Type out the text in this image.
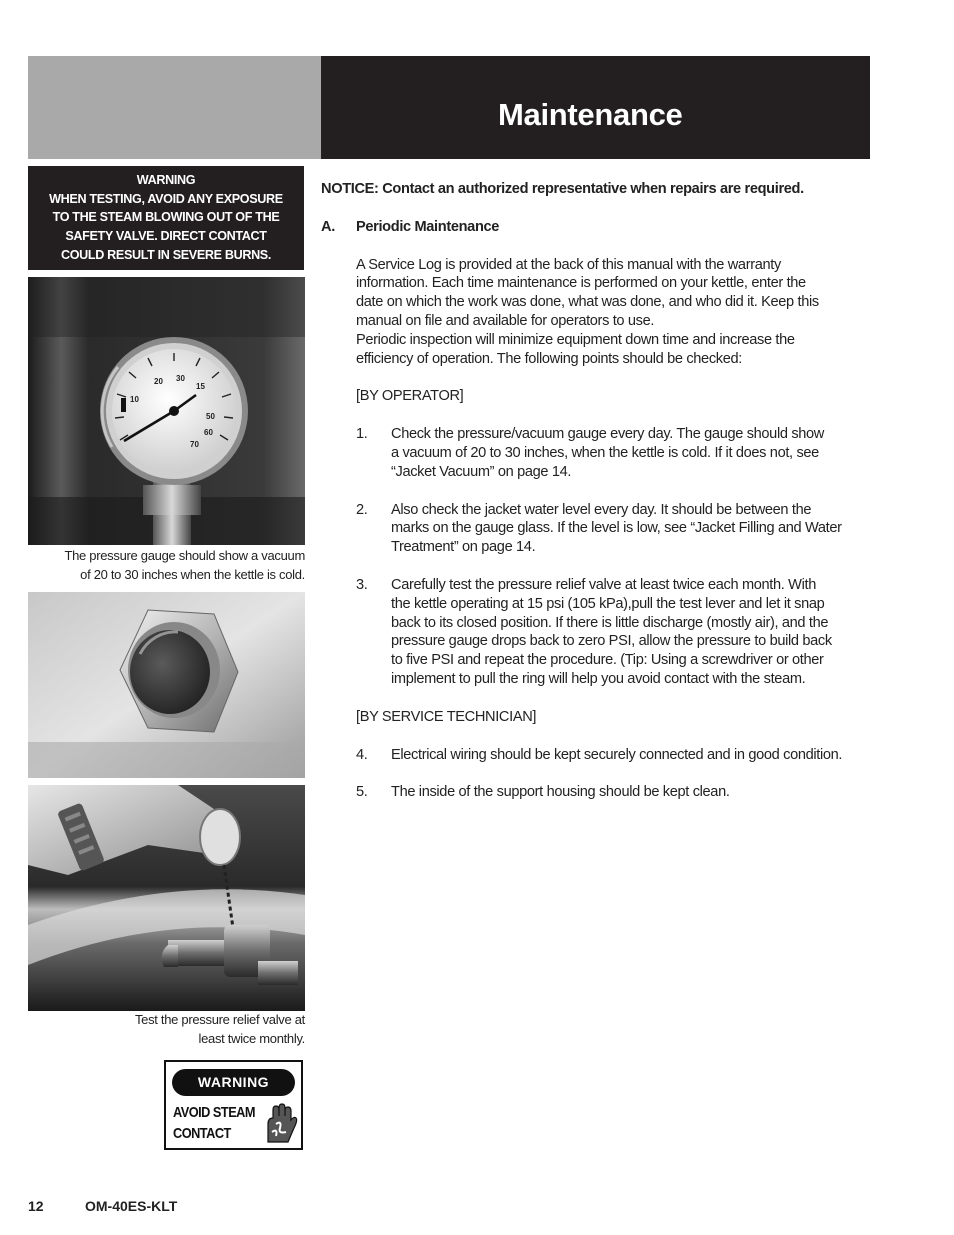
Maintenance
WARNING
WHEN TESTING, AVOID ANY EXPOSURE
TO THE STEAM BLOWING OUT OF THE
SAFETY VALVE. DIRECT CONTACT
COULD RESULT IN SEVERE BURNS.
10
20 30
15
50
60
70
The pressure gauge should show a vacuum
of 20 to 30 inches when the kettle is cold.
Test the pressure relief valve at
least twice monthly.
WARNING
AVOID STEAM
CONTACT
NOTICE: Contact an authorized representative when repairs are required.
A. Periodic Maintenance
A Service Log is provided at the back of this manual with the warranty
information. Each time maintenance is performed on your kettle, enter the
date on which the work was done, what was done, and who did it. Keep this
manual on file and available for operators to use.
Periodic inspection will minimize equipment down time and increase the
efficiency of operation. The following points should be checked:
[BY OPERATOR]
1. Check the pressure/vacuum gauge every day. The gauge should show
a vacuum of 20 to 30 inches, when the kettle is cold. If it does not, see
“Jacket Vacuum” on page 14.
2. Also check the jacket water level every day. It should be between the
marks on the gauge glass. If the level is low, see “Jacket Filling and Water
Treatment” on page 14.
3. Carefully test the pressure relief valve at least twice each month. With
the kettle operating at 15 psi (105 kPa),pull the test lever and let it snap
back to its closed position. If there is little discharge (mostly air), and the
pressure gauge drops back to zero PSI, allow the pressure to build back
to five PSI and repeat the procedure. (Tip: Using a screwdriver or other
implement to pull the ring will help you avoid contact with the steam.
[BY SERVICE TECHNICIAN]
4. Electrical wiring should be kept securely connected and in good condition.
5. The inside of the support housing should be kept clean.
12	OM-40ES-KLT
